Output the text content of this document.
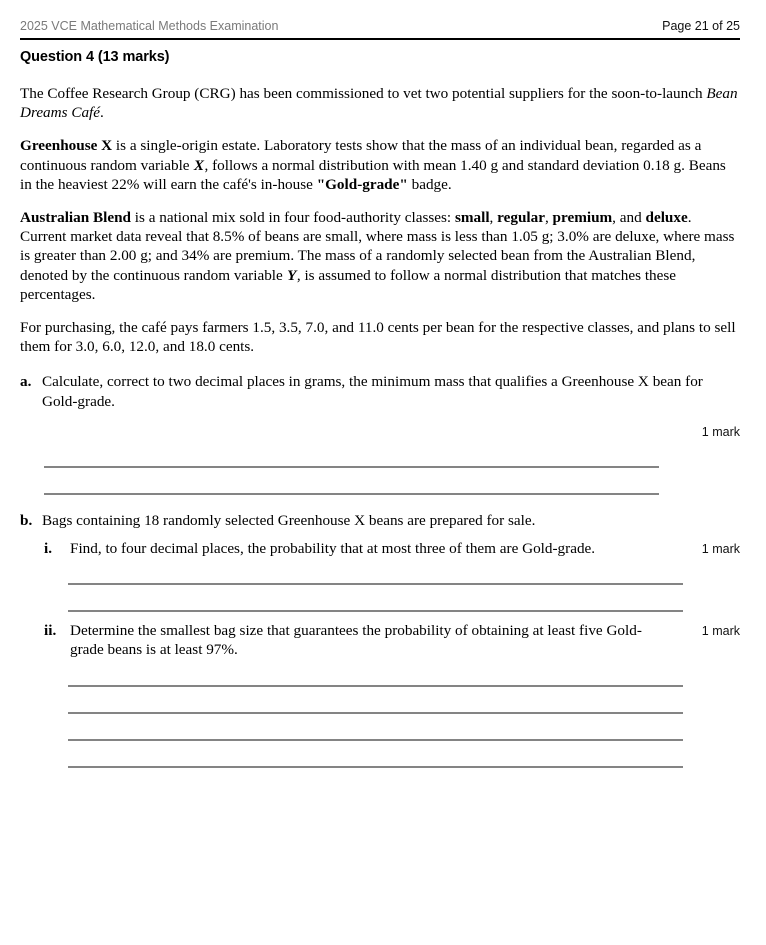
2025 VCE Mathematical Methods Examination	Page 21 of 25
Question 4 (13 marks)

The Coffee Research Group (CRG) has been commissioned to vet two potential suppliers for the soon-to-launch Bean Dreams Café.

Greenhouse X is a single-origin estate. Laboratory tests show that the mass of an individual bean, regarded as a continuous random variable X, follows a normal distribution with mean 1.40 g and standard deviation 0.18 g. Beans in the heaviest 22% will earn the café's in-house "Gold-grade" badge.

Australian Blend is a national mix sold in four food-authority classes: small, regular, premium, and deluxe. Current market data reveal that 8.5% of beans are small, where mass is less than 1.05 g; 3.0% are deluxe, where mass is greater than 2.00 g; and 34% are premium. The mass of a randomly selected bean from the Australian Blend, denoted by the continuous random variable Y, is assumed to follow a normal distribution that matches these percentages.

For purchasing, the café pays farmers 1.5, 3.5, 7.0, and 11.0 cents per bean for the respective classes, and plans to sell them for 3.0, 6.0, 12.0, and 18.0 cents.

a. Calculate, correct to two decimal places in grams, the minimum mass that qualifies a Greenhouse X bean for Gold-grade.
1 mark
b. Bags containing 18 randomly selected Greenhouse X beans are prepared for sale.
i.	Find, to four decimal places, the probability that at most three of them are Gold-grade.	1 mark
ii. Determine the smallest bag size that guarantees the probability of obtaining at least five Gold-grade beans is at least 97%.
1 mark
